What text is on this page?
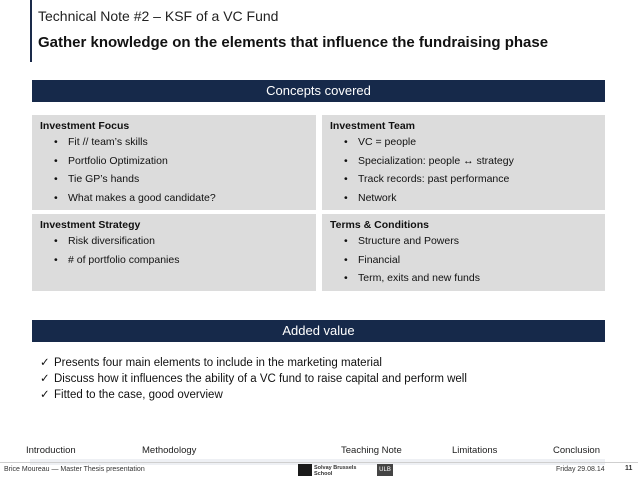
Technical Note #2 – KSF of a VC Fund
Gather knowledge on the elements that influence the fundraising phase
Concepts covered
Investment Focus
• Fit // team’s skills
• Portfolio Optimization
• Tie GP’s hands
• What makes a good candidate?
Investment Team
• VC = people
• Specialization: people ↔ strategy
• Track records: past performance
• Network
Investment Strategy
• Risk diversification
• # of portfolio companies
Terms & Conditions
• Structure and Powers
• Financial
• Term, exits and new funds
Added value
✓ Presents four main elements to include in the marketing material
✓ Discuss how it influences the ability of a VC fund to raise capital and perform well
✓ Fitted to the case, good overview
Introduction	Methodology	Teaching Note	Limitations	Conclusion
Brice Moureau — Master Thesis presentation	Solvay Brussels School
ULB	Friday 29.08.14	11
